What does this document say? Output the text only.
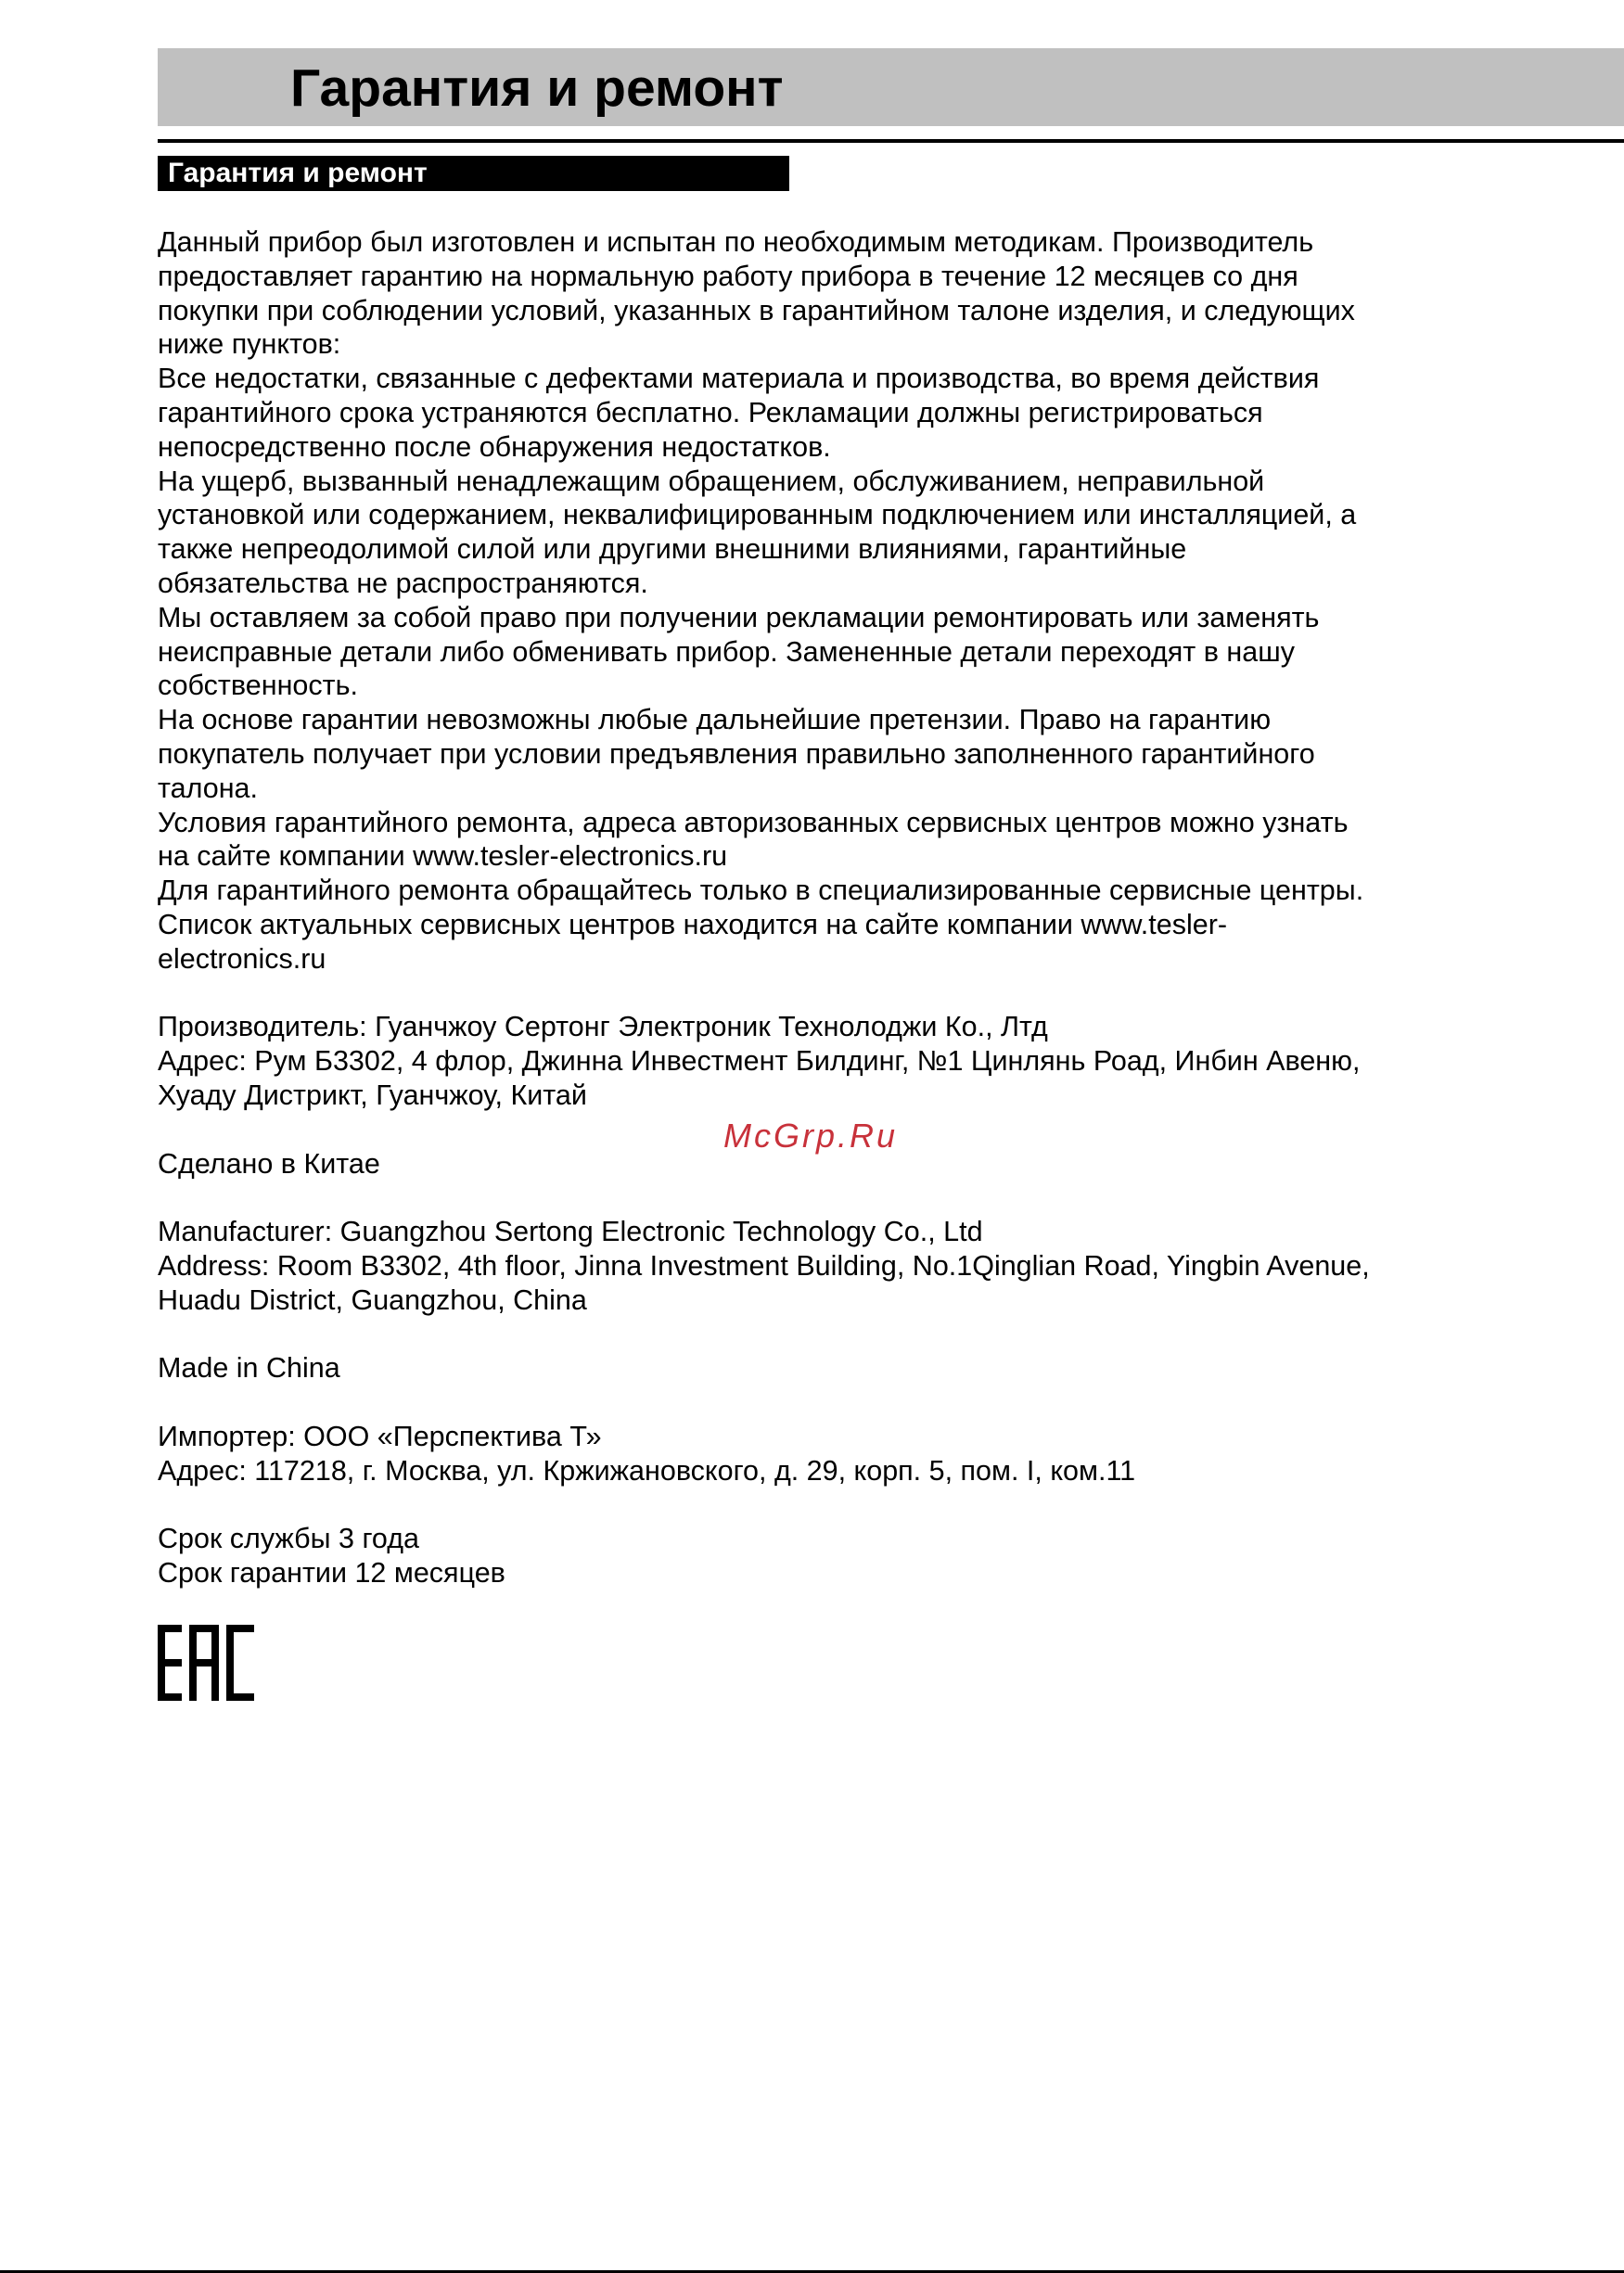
Гарантия и ремонт
Гарантия и ремонт
Данный прибор был изготовлен и испытан по необходимым методикам. Производитель
предоставляет гарантию на нормальную работу прибора в течение 12 месяцев со дня
покупки при соблюдении условий, указанных в гарантийном талоне изделия, и следующих
ниже пунктов:
Все недостатки, связанные с дефектами материала и производства, во время действия
гарантийного срока устраняются бесплатно. Рекламации должны регистрироваться
непосредственно после обнаружения недостатков.
На ущерб, вызванный ненадлежащим обращением, обслуживанием, неправильной
установкой или содержанием, неквалифицированным подключением или инсталляцией, а
также непреодолимой силой или другими внешними влияниями, гарантийные
обязательства не распространяются.
Мы оставляем за собой право при получении рекламации ремонтировать или заменять
неисправные детали либо обменивать прибор. Замененные детали переходят в нашу
собственность.
На основе гарантии невозможны любые дальнейшие претензии. Право на гарантию
покупатель получает при условии предъявления правильно заполненного гарантийного
талона.
Условия гарантийного ремонта, адреса авторизованных сервисных центров можно узнать
на сайте компании www.tesler-electronics.ru
Для гарантийного ремонта обращайтесь только в специализированные сервисные центры.
Список актуальных сервисных центров находится на сайте компании www.tesler-
electronics.ru
Производитель: Гуанчжоу Сертонг Электроник Технолоджи Ко., Лтд
Адрес: Рум Б3302, 4 флор, Джинна Инвестмент Билдинг, №1 Цинлянь Роад, Инбин Авеню,
Хуаду Дистрикт, Гуанчжоу, Китай
Сделано в Китае
Manufacturer: Guangzhou Sertong Electronic Technology Co., Ltd
Address: Room B3302, 4th floor, Jinna Investment Building, No.1Qinglian Road, Yingbin Avenue,
Huadu District, Guangzhou, China
Made in China
Импортер: ООО «Перспектива Т»
Адрес: 117218, г. Москва, ул. Кржижановского, д. 29, корп. 5, пом. I, ком.11
Срок службы 3 года
Срок гарантии 12 месяцев
McGrp.Ru
